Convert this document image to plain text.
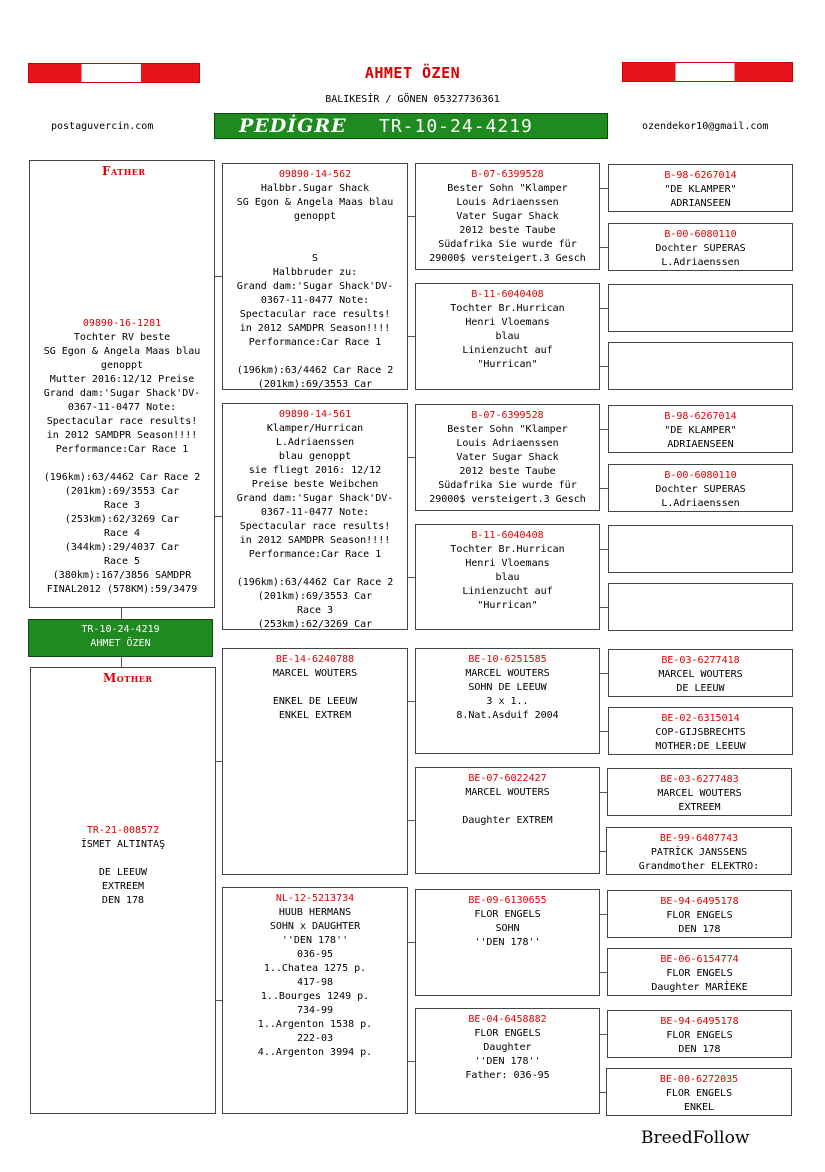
AHMET ÖZEN
BALIKESİR / GÖNEN 05327736361
postaguvercin.com	ozendekor10@gmail.com
PEDİGRE TR-10-24-4219
Father
09890-16-1281
Tochter RV beste
SG Egon & Angela Maas blau
genoppt
Mutter 2016:12/12 Preise
Grand dam:'Sugar Shack'DV-
0367-11-0477 Note:
Spectacular race results!
in 2012 SAMDPR Season!!!!
Performance:Car Race 1

(196km):63/4462 Car Race 2
(201km):69/3553 Car
Race 3
(253km):62/3269 Car
Race 4
(344km):29/4037 Car
Race 5
(380km):167/3856 SAMDPR
FINAL2012 (578KM):59/3479
TR-10-24-4219
AHMET ÖZEN
Mother
TR-21-008572
İSMET ALTINTAŞ

DE LEEUW
EXTREEM
DEN 178
09890-14-562
Halbbr.Sugar Shack
SG Egon & Angela Maas blau
genoppt

S
Halbbruder zu:
Grand dam:'Sugar Shack'DV-
0367-11-0477 Note:
Spectacular race results!
in 2012 SAMDPR Season!!!!
Performance:Car Race 1

(196km):63/4462 Car Race 2
(201km):69/3553 Car
09890-14-561
Klamper/Hurrican
L.Adriaenssen
blau genoppt
sie fliegt 2016: 12/12
Preise beste Weibchen
Grand dam:'Sugar Shack'DV-
0367-11-0477 Note:
Spectacular race results!
in 2012 SAMDPR Season!!!!
Performance:Car Race 1

(196km):63/4462 Car Race 2
(201km):69/3553 Car
Race 3
(253km):62/3269 Car
BE-14-6240788
MARCEL WOUTERS

ENKEL DE LEEUW
ENKEL EXTREM
NL-12-5213734
HUUB HERMANS
SOHN x DAUGHTER
''DEN 178''
036-95
1..Chatea 1275 p.
417-98
1..Bourges 1249 p.
734-99
1..Argenton 1538 p.
222-03
4..Argenton 3994 p.
B-07-6399528
Bester Sohn "Klamper
Louis Adriaenssen
Vater Sugar Shack
2012 beste Taube
Südafrika Sie wurde für
29000$ versteigert.3 Gesch
B-11-6040408
Tochter Br.Hurrican
Henri Vloemans
blau
Linienzucht auf
"Hurrican"
B-07-6399528
Bester Sohn "Klamper
Louis Adriaenssen
Vater Sugar Shack
2012 beste Taube
Südafrika Sie wurde für
29000$ versteigert.3 Gesch
B-11-6040408
Tochter Br.Hurrican
Henri Vloemans
blau
Linienzucht auf
"Hurrican"
BE-10-6251585
MARCEL WOUTERS
SOHN DE LEEUW
3 x 1..
8.Nat.Asduif 2004
BE-07-6022427
MARCEL WOUTERS

Daughter EXTREM
BE-09-6130655
FLOR ENGELS
SOHN
''DEN 178''
BE-04-6458882
FLOR ENGELS
Daughter
''DEN 178''
Father: 036-95
B-98-6267014
"DE KLAMPER"
ADRIANSEEN
B-00-6080110
Dochter SUPERAS
L.Adriaenssen
B-98-6267014
"DE KLAMPER"
ADRIAENSEEN
B-00-6080110
Dochter SUPERAS
L.Adriaenssen
BE-03-6277418
MARCEL WOUTERS
DE LEEUW
BE-02-6315014
COP-GIJSBRECHTS
MOTHER:DE LEEUW
BE-03-6277483
MARCEL WOUTERS
EXTREEM
BE-99-6407743
PATRİCK JANSSENS
Grandmother ELEKTRO:
BE-94-6495178
FLOR ENGELS
DEN 178
BE-06-6154774
FLOR ENGELS
Daughter MARİEKE
BE-94-6495178
FLOR ENGELS
DEN 178
BE-00-6272035
FLOR ENGELS
ENKEL
BreedFollow
